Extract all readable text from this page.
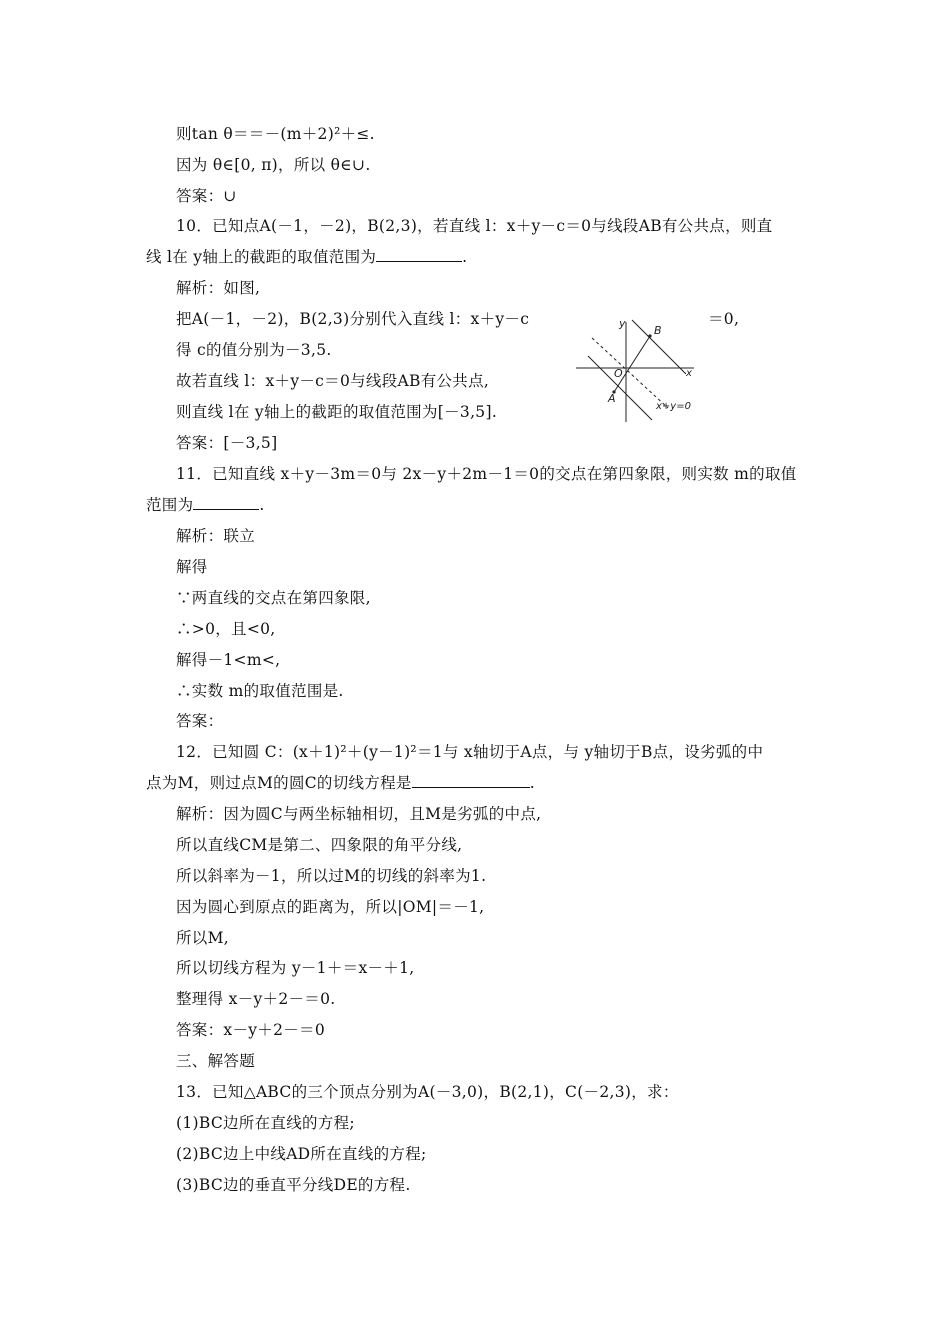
则tan θ＝＝－(m＋2)²＋≤.
因为 θ∈[0, π)，所以 θ∈∪.
答案：∪
10．已知点A(－1，－2)，B(2,3)，若直线 l：x＋y－c＝0与线段AB有公共点，则直
线 l在 y轴上的截距的取值范围为	.
解析：如图,
把A(－1，－2)，B(2,3)分别代入直线 l：x＋y－c	＝0,
得 c的值分别为－3,5.
故若直线 l：x＋y－c＝0与线段AB有公共点,
则直线 l在 y轴上的截距的取值范围为[－3,5].
答案：[－3,5]
y
x
O
A
B
x+y=0
11．已知直线 x＋y－3m＝0与 2x－y＋2m－1＝0的交点在第四象限，则实数 m的取值
范围为	.
解析：联立
解得
∵两直线的交点在第四象限,
∴>0，且<0,
解得－1<m<,
∴实数 m的取值范围是.
答案：
12．已知圆 C：(x＋1)²＋(y－1)²＝1与 x轴切于A点，与 y轴切于B点，设劣弧的中
点为M，则过点M的圆C的切线方程是	.
解析：因为圆C与两坐标轴相切，且M是劣弧的中点,
所以直线CM是第二、四象限的角平分线,
所以斜率为－1，所以过M的切线的斜率为1.
因为圆心到原点的距离为，所以|OM|＝－1,
所以M,
所以切线方程为 y－1＋＝x－＋1,
整理得 x－y＋2－＝0.
答案：x－y＋2－＝0
三、解答题
13．已知△ABC的三个顶点分别为A(－3,0)，B(2,1)，C(－2,3)，求：
(1)BC边所在直线的方程;
(2)BC边上中线AD所在直线的方程;
(3)BC边的垂直平分线DE的方程.
